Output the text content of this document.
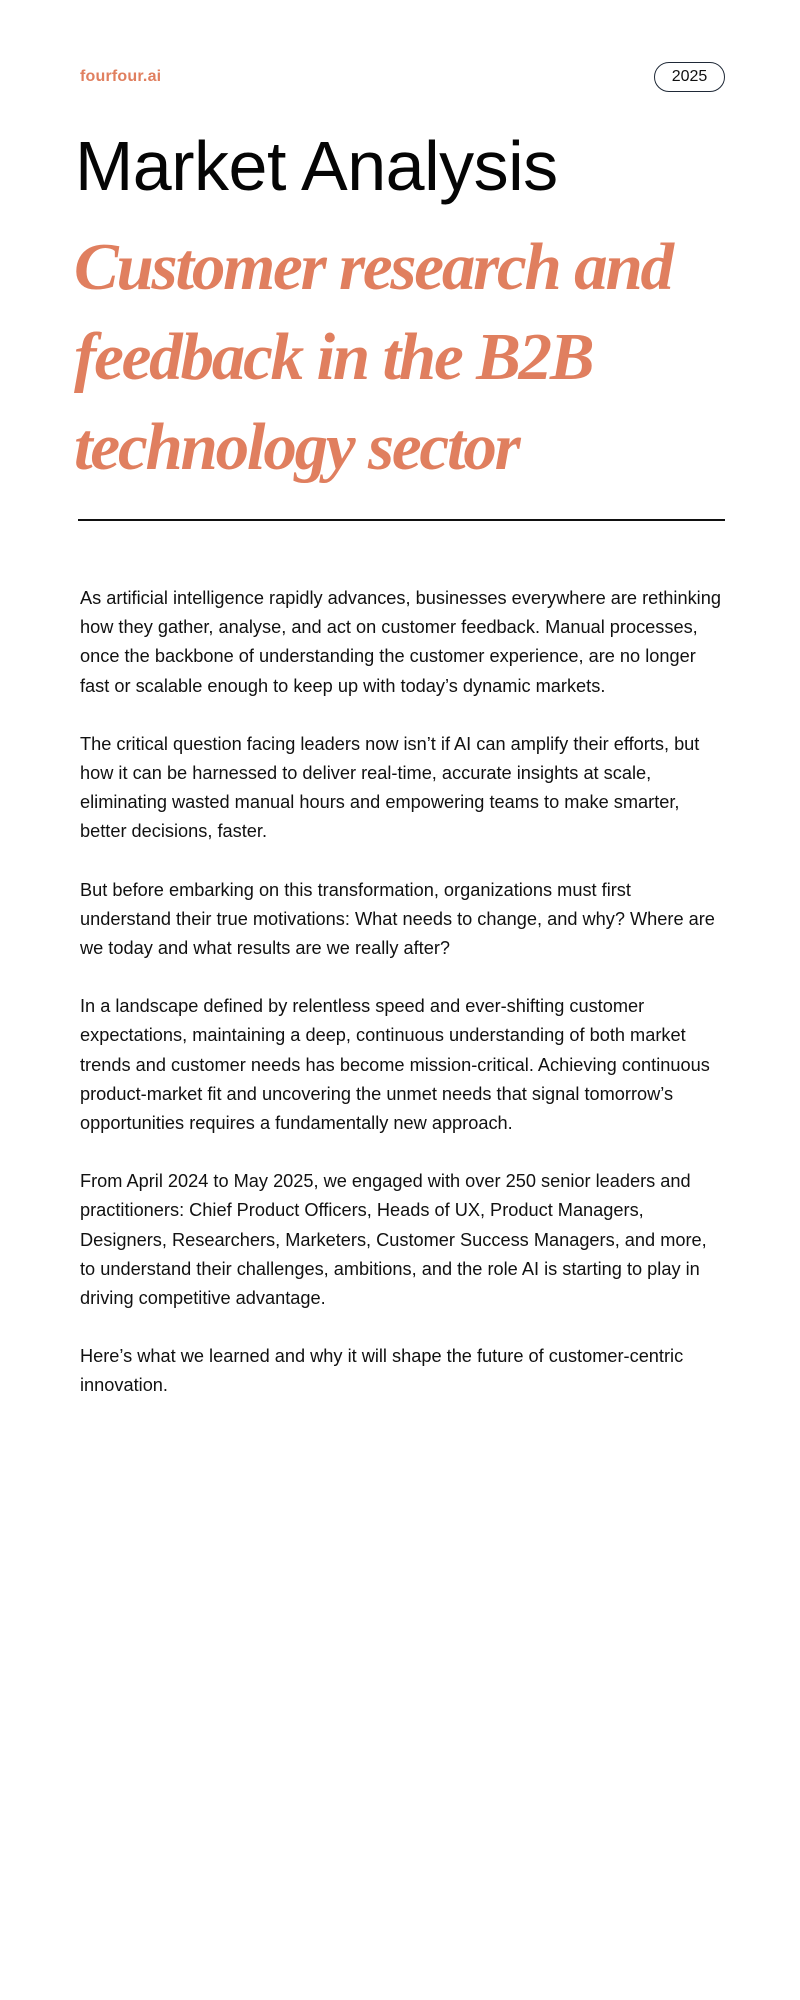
fourfour.ai	2025
Market Analysis
Customer research and feedback in the B2B technology sector

As artificial intelligence rapidly advances, businesses everywhere are rethinking how they gather, analyse, and act on customer feedback. Manual processes, once the backbone of understanding the customer experience, are no longer fast or scalable enough to keep up with today’s dynamic markets.

The critical question facing leaders now isn’t if AI can amplify their efforts, but how it can be harnessed to deliver real-time, accurate insights at scale, eliminating wasted manual hours and empowering teams to make smarter, better decisions, faster.

But before embarking on this transformation, organizations must first understand their true motivations: What needs to change, and why? Where are we today and what results are we really after?

In a landscape defined by relentless speed and ever-shifting customer expectations, maintaining a deep, continuous understanding of both market trends and customer needs has become mission-critical. Achieving continuous product-market fit and uncovering the unmet needs that signal tomorrow’s opportunities requires a fundamentally new approach.

From April 2024 to May 2025, we engaged with over 250 senior leaders and practitioners: Chief Product Officers, Heads of UX, Product Managers, Designers, Researchers, Marketers, Customer Success Managers, and more, to understand their challenges, ambitions, and the role AI is starting to play in driving competitive advantage.

Here’s what we learned and why it will shape the future of customer-centric innovation.
